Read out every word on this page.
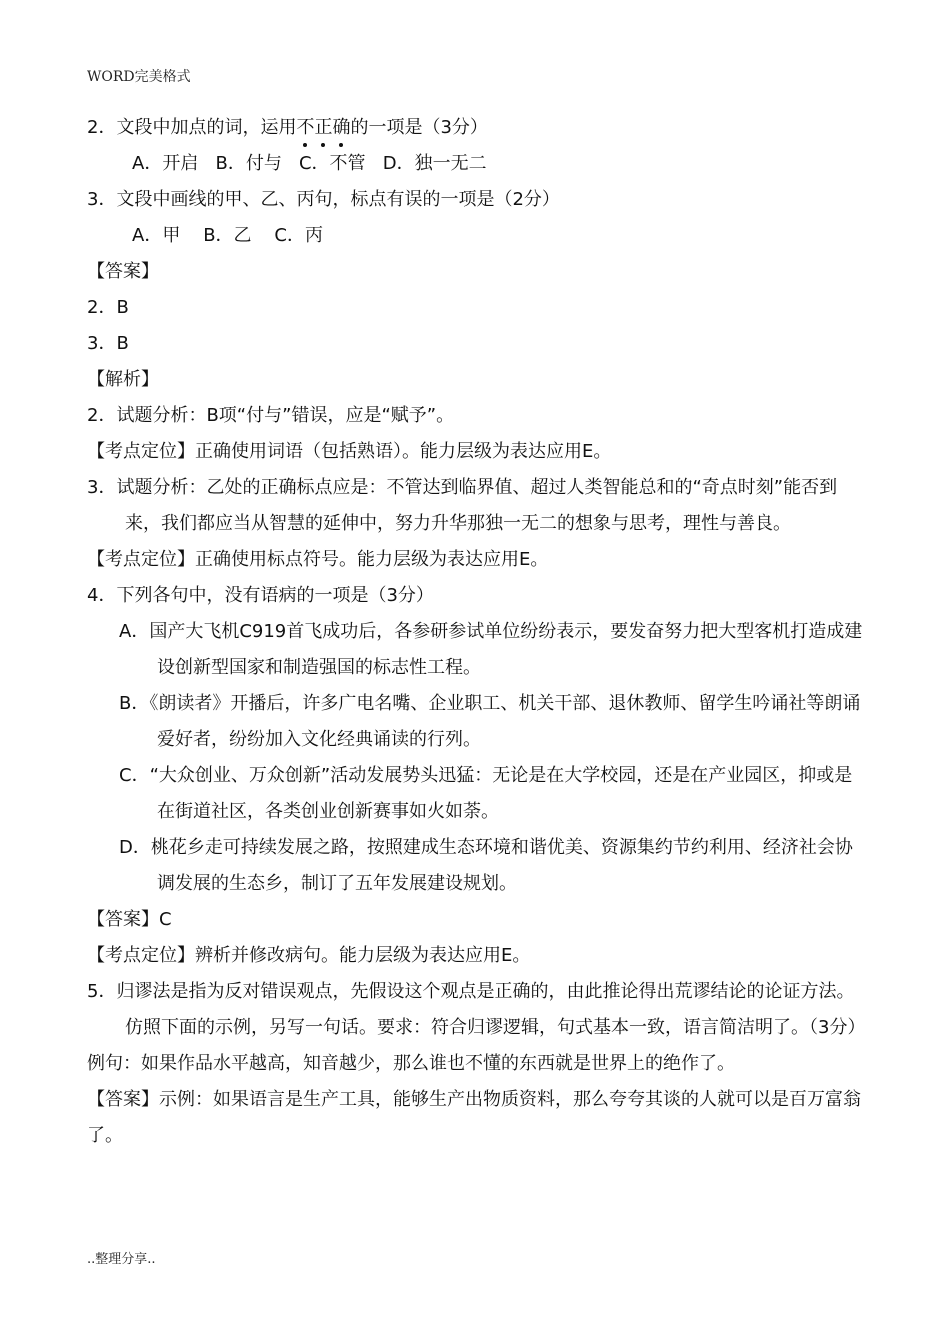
WORD完美格式
2．文段中加点的词，运用不正确的一项是（3分）
A．开启   B．付与   C．不管   D．独一无二
3．文段中画线的甲、乙、丙句，标点有误的一项是（2分）
A．甲    B．乙    C．丙
【答案】
2．B
3．B
【解析】
2．试题分析：B项“付与”错误，应是“赋予”。
【考点定位】正确使用词语（包括熟语）。能力层级为表达应用E。
3．试题分析：乙处的正确标点应是：不管达到临界值、超过人类智能总和的“奇点时刻”能否到来，我们都应当从智慧的延伸中，努力升华那独一无二的想象与思考，理性与善良。
【考点定位】正确使用标点符号。能力层级为表达应用E。
4．下列各句中，没有语病的一项是（3分）
A．国产大飞机C919首飞成功后，各参研参试单位纷纷表示，要发奋努力把大型客机打造成建设创新型国家和制造强国的标志性工程。
B．《朗读者》开播后，许多广电名嘴、企业职工、机关干部、退休教师、留学生吟诵社等朗诵爱好者，纷纷加入文化经典诵读的行列。
C．“大众创业、万众创新”活动发展势头迅猛：无论是在大学校园，还是在产业园区，抑或是在街道社区，各类创业创新赛事如火如荼。
D．桃花乡走可持续发展之路，按照建成生态环境和谐优美、资源集约节约利用、经济社会协调发展的生态乡，制订了五年发展建设规划。
【答案】C
【考点定位】辨析并修改病句。能力层级为表达应用E。
5．归谬法是指为反对错误观点，先假设这个观点是正确的，由此推论得出荒谬结论的论证方法。仿照下面的示例，另写一句话。要求：符合归谬逻辑，句式基本一致，语言简洁明了。（3分）
例句：如果作品水平越高，知音越少，那么谁也不懂的东西就是世界上的绝作了。
【答案】示例：如果语言是生产工具，能够生产出物质资料，那么夸夸其谈的人就可以是百万富翁了。
..整理分享..
